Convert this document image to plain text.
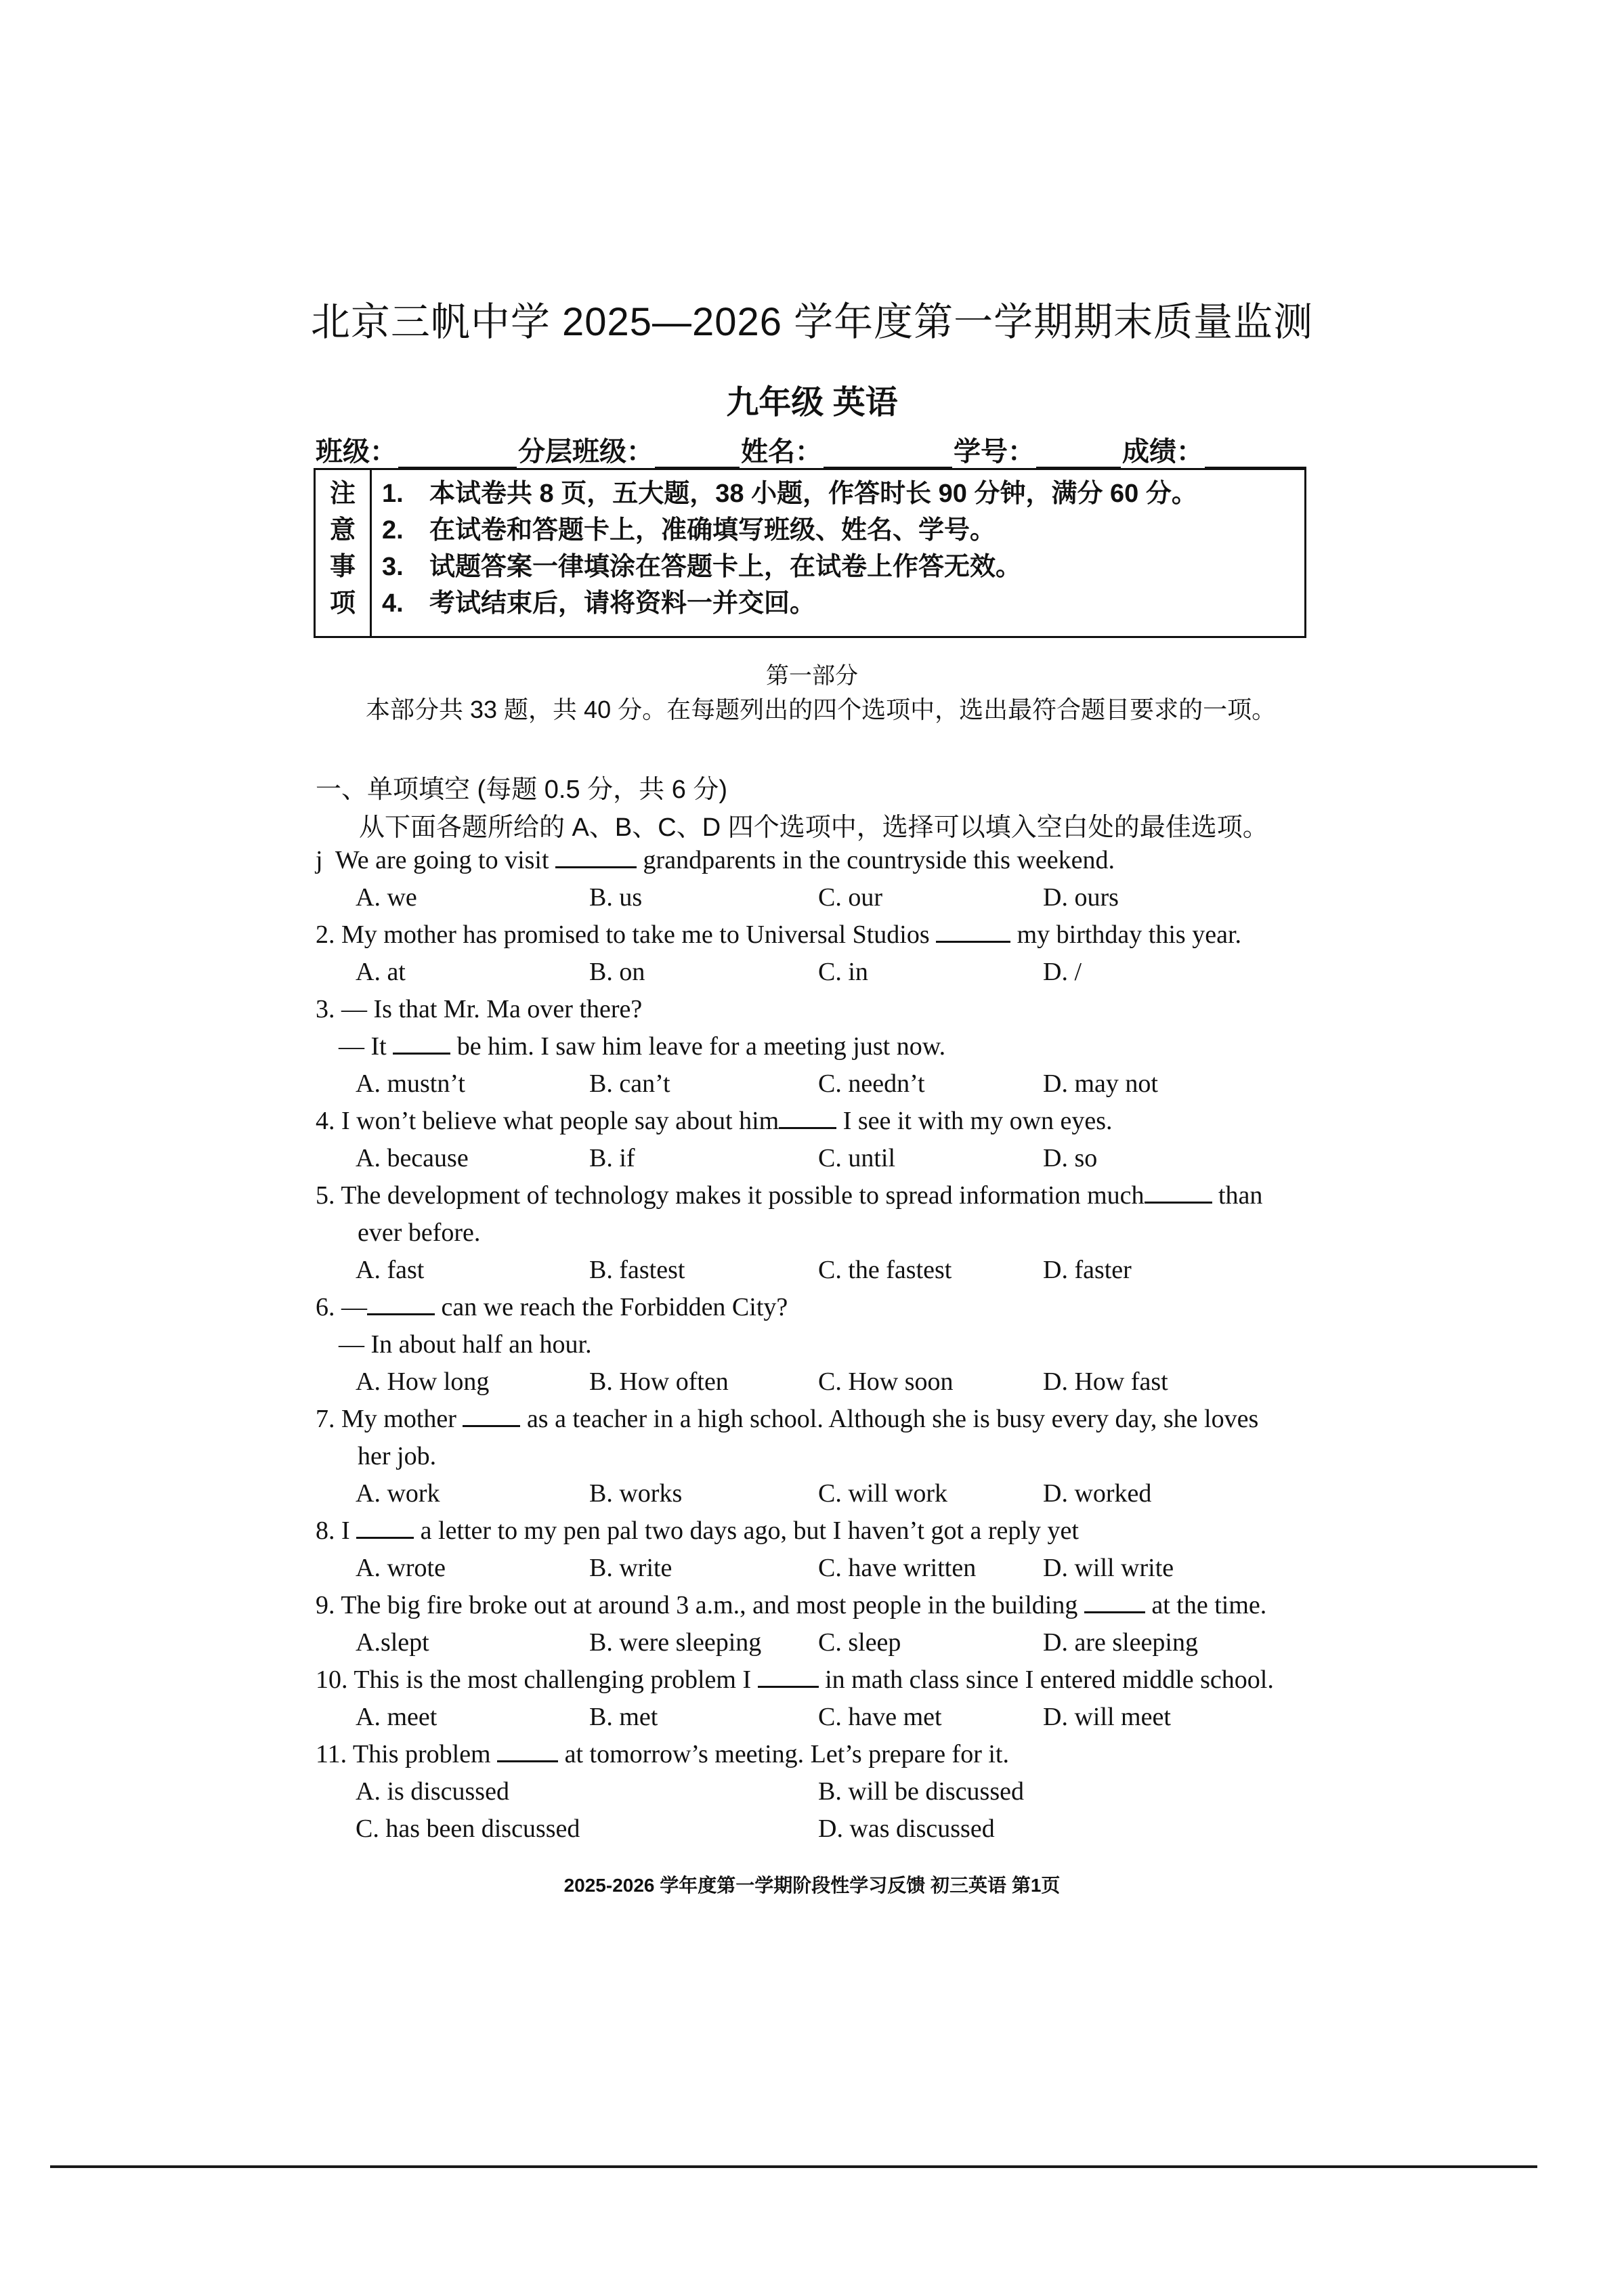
北京三帆中学 2025—2026 学年度第一学期期末质量监测
九年级 英语
班级：	分层班级：	姓名：	学号：	成绩：
注
意
事
项
1.	本试卷共 8 页，五大题，38 小题，作答时长 90 分钟，满分 60 分。
2.	在试卷和答题卡上，准确填写班级、姓名、学号。
3.	试题答案一律填涂在答题卡上，在试卷上作答无效。
4.	考试结束后，请将资料一并交回。
第一部分
本部分共 33 题，共 40 分。在每题列出的四个选项中，选出最符合题目要求的一项。
一、单项填空 (每题 0.5 分，共 6 分)
从下面各题所给的 A、B、C、D 四个选项中，选择可以填入空白处的最佳选项。
j We are going to visit	grandparents in the countryside this weekend.
A. we	B. us	C. our	D. ours
2. My mother has promised to take me to Universal Studios	my birthday this year.
A. at	B. on	C. in	D. /
3. — Is that Mr. Ma over there?
— It  be him. I saw him leave for a meeting just now.
A. mustn’t	B. can’t	C. needn’t	D. may not
4. I won’t believe what people say about him I see it with my own eyes.
A. because	B. if	C. until	D. so
5. The development of technology makes it possible to spread information much	than
ever before.
A. fast	B. fastest	C. the fastest	D. faster
6. —	can we reach the Forbidden City?
— In about half an hour.
A. How long	B. How often	C. How soon	D. How fast
7. My mother  as a teacher in a high school. Although she is busy every day, she loves
her job.
A. work	B. works	C. will work	D. worked
8. I  a letter to my pen pal two days ago, but I haven’t got a reply yet
A. wrote	B. write	C. have written	D. will write
9. The big fire broke out at around 3 a.m., and most people in the building  at the time.
A.slept	B. were sleeping C. sleep	D. are sleeping
10. This is the most challenging problem I  in math class since I entered middle school.
A. meet	B. met	C. have met	D. will meet
11. This problem  at tomorrow’s meeting. Let’s prepare for it.
A. is discussed	B. will be discussed
C. has been discussed	D. was discussed
2025-2026 学年度第一学期阶段性学习反馈 初三英语 第1页
